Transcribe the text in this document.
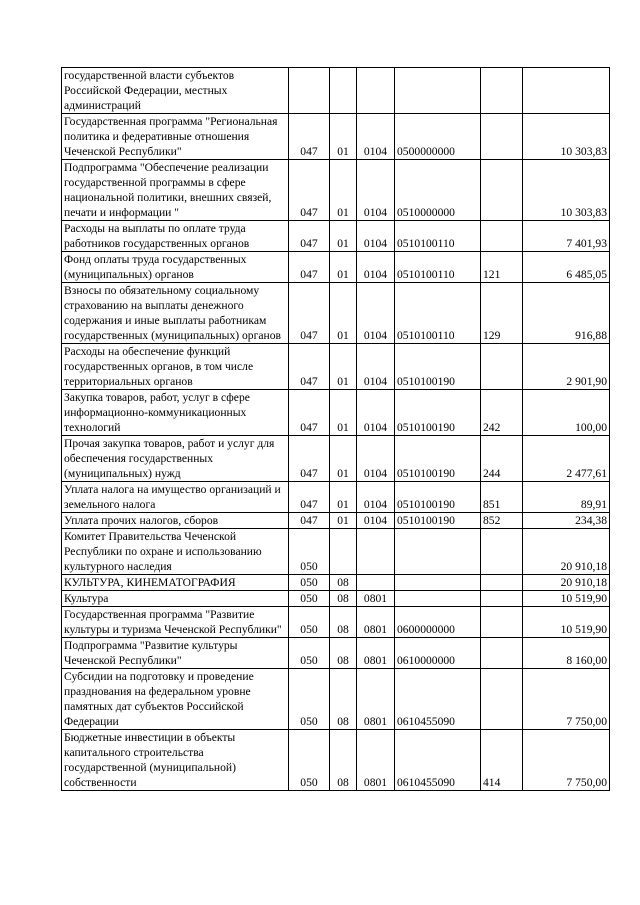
государственной власти субъектов Российской Федерации, местных администраций						
Государственная программа "Региональная политика и федеративные отношения Чеченской Республики"	047	01	0104	0500000000		10 303,83
Подпрограмма "Обеспечение реализации государственной программы в сфере национальной политики, внешних связей, печати и информации "	047	01	0104	0510000000		10 303,83
Расходы на выплаты по оплате труда работников государственных органов	047	01	0104	0510100110		7 401,93
Фонд оплаты труда государственных (муниципальных) органов	047	01	0104	0510100110	121	6 485,05
Взносы по обязательному социальному страхованию на выплаты денежного содержания и иные выплаты работникам государственных (муниципальных) органов	047	01	0104	0510100110	129	916,88
Расходы на обеспечение функций государственных органов, в том числе территориальных органов	047	01	0104	0510100190		2 901,90
Закупка товаров, работ, услуг в сфере информационно-коммуникационных технологий	047	01	0104	0510100190	242	100,00
Прочая закупка товаров, работ и услуг для обеспечения государственных (муниципальных) нужд	047	01	0104	0510100190	244	2 477,61
Уплата налога на имущество организаций и земельного налога	047	01	0104	0510100190	851	89,91
Уплата прочих налогов, сборов	047	01	0104	0510100190	852	234,38
Комитет Правительства Чеченской Республики по охране и использованию культурного наследия	050					20 910,18
КУЛЬТУРА, КИНЕМАТОГРАФИЯ	050	08				20 910,18
Культура	050	08	0801			10 519,90
Государственная программа "Развитие культуры и туризма Чеченской Республики"	050	08	0801	0600000000		10 519,90
Подпрограмма "Развитие культуры Чеченской Республики"	050	08	0801	0610000000		8 160,00
Субсидии на подготовку и проведение празднования на федеральном уровне памятных дат субъектов Российской Федерации	050	08	0801	0610455090		7 750,00
Бюджетные инвестиции в объекты капитального строительства государственной (муниципальной) собственности	050	08	0801	0610455090	414	7 750,00
